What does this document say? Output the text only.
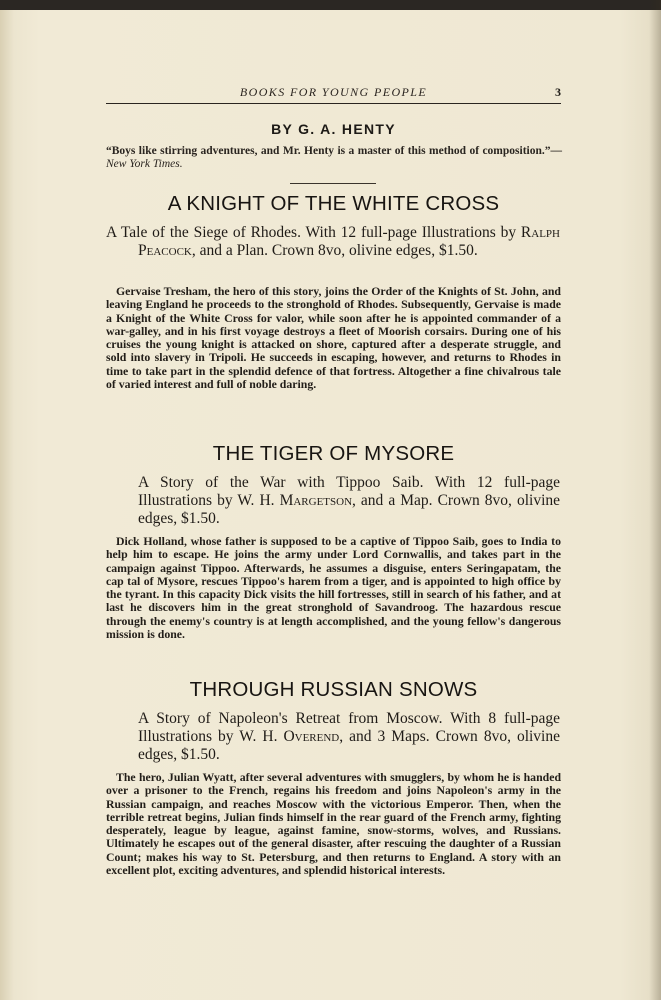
BOOKS FOR YOUNG PEOPLE	3
BY G. A. HENTY
“Boys like stirring adventures, and Mr. Henty is a master of this method of composition.”—New York Times.
A KNIGHT OF THE WHITE CROSS
A Tale of the Siege of Rhodes. With 12 full-page Illustrations by Ralph Peacock, and a Plan. Crown 8vo, olivine edges, $1.50.

Gervaise Tresham, the hero of this story, joins the Order of the Knights of St. John, and leaving England he proceeds to the stronghold of Rhodes. Subsequently, Gervaise is made a Knight of the White Cross for valor, while soon after he is appointed commander of a war-galley, and in his first voyage destroys a fleet of Moorish corsairs. During one of his cruises the young knight is attacked on shore, captured after a desperate struggle, and sold into slavery in Tripoli. He succeeds in escaping, however, and returns to Rhodes in time to take part in the splendid defence of that fortress. Altogether a fine chivalrous tale of varied interest and full of noble daring.

THE TIGER OF MYSORE
A Story of the War with Tippoo Saib. With 12 full-page Illustrations by W. H. Margetson, and a Map. Crown 8vo, olivine edges, $1.50.

Dick Holland, whose father is supposed to be a captive of Tippoo Saib, goes to India to help him to escape. He joins the army under Lord Cornwallis, and takes part in the campaign against Tippoo. Afterwards, he assumes a disguise, enters Seringapatam, the cap tal of Mysore, rescues Tippoo's harem from a tiger, and is appointed to high office by the tyrant. In this capacity Dick visits the hill fortresses, still in search of his father, and at last he discovers him in the great stronghold of Savandroog. The hazardous rescue through the enemy's country is at length accomplished, and the young fellow's dangerous mission is done.

THROUGH RUSSIAN SNOWS
A Story of Napoleon's Retreat from Moscow. With 8 full-page Illustrations by W. H. Overend, and 3 Maps. Crown 8vo, olivine edges, $1.50.

The hero, Julian Wyatt, after several adventures with smugglers, by whom he is handed over a prisoner to the French, regains his freedom and joins Napoleon's army in the Russian campaign, and reaches Moscow with the victorious Emperor. Then, when the terrible retreat begins, Julian finds himself in the rear guard of the French army, fighting desperately, league by league, against famine, snow-storms, wolves, and Russians. Ultimately he escapes out of the general disaster, after rescuing the daughter of a Russian Count; makes his way to St. Petersburg, and then returns to England. A story with an excellent plot, exciting adventures, and splendid historical interests.
